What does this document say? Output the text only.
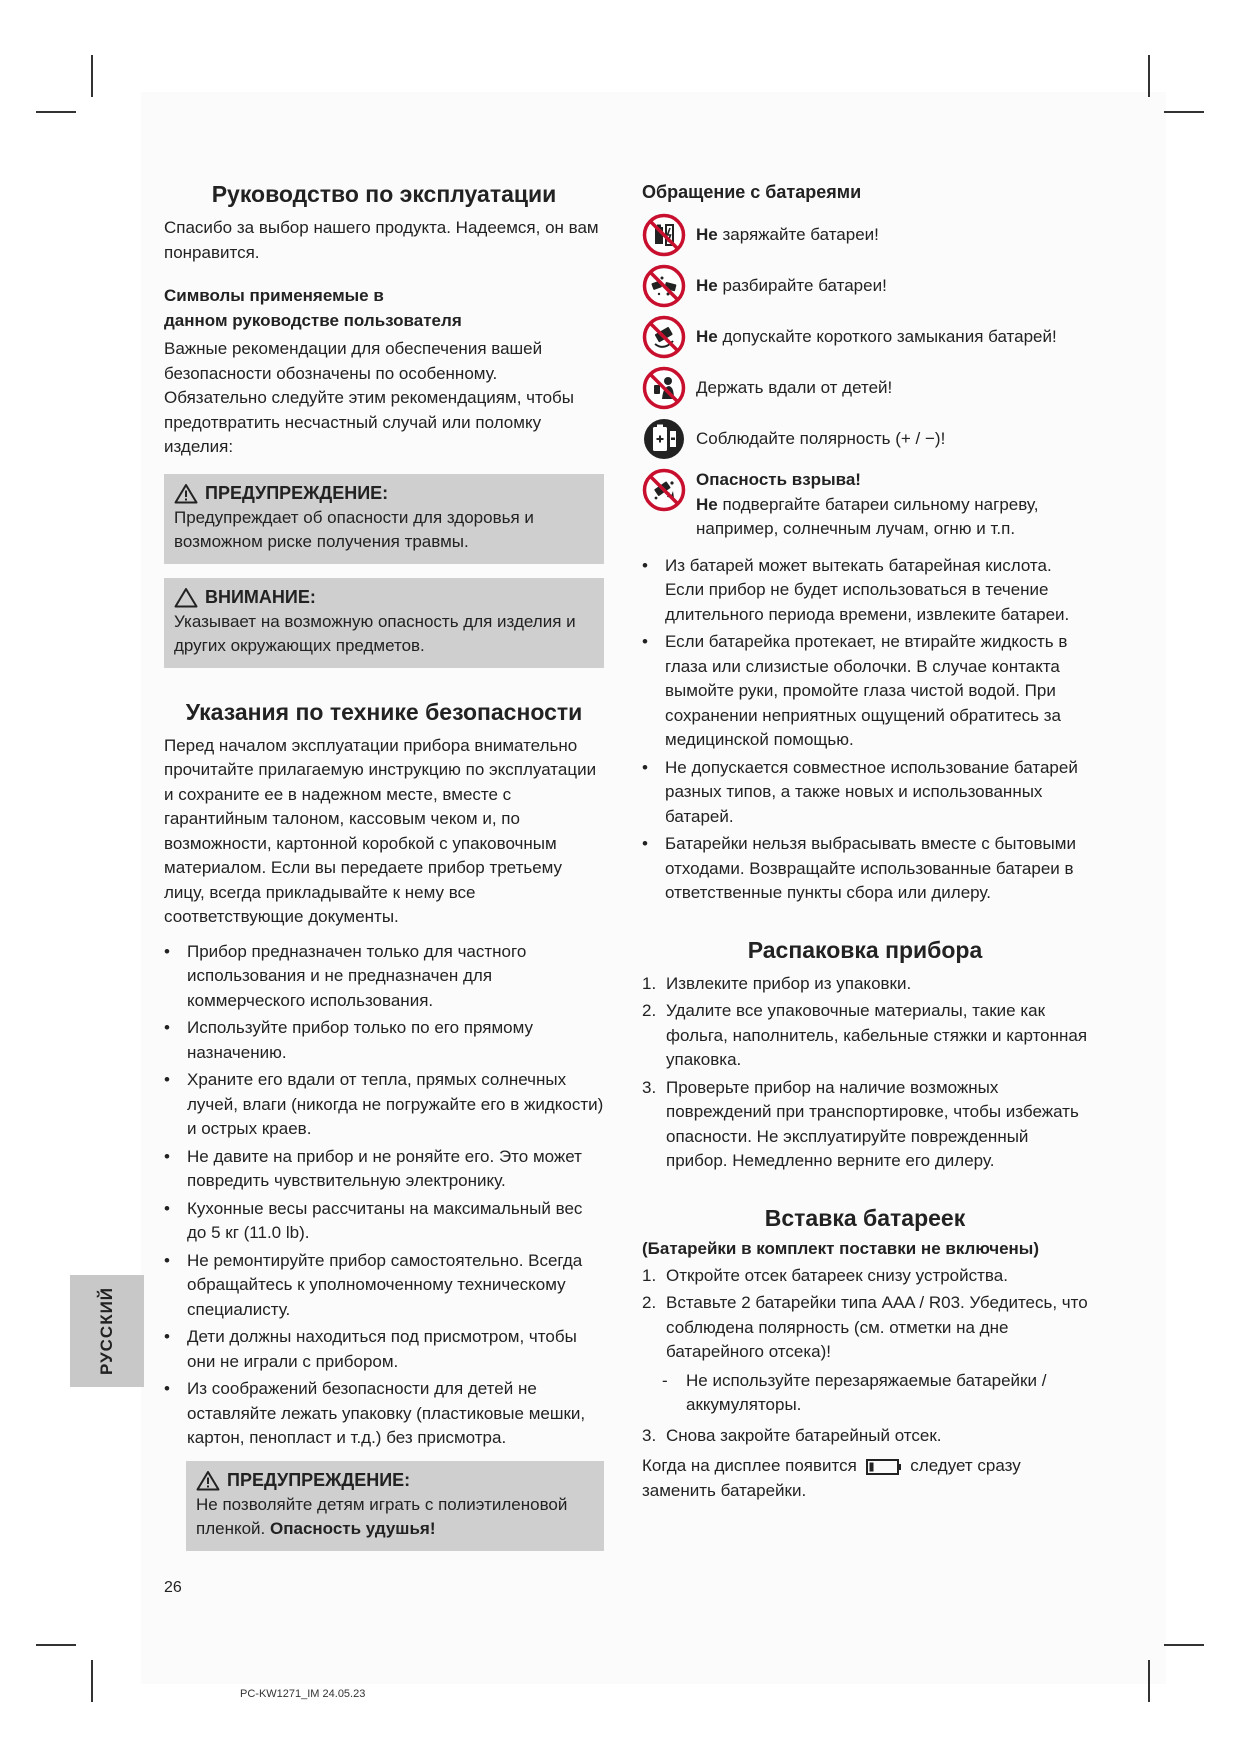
Руководство по эксплуатации

Спасибо за выбор нашего продукта. Надеемся, он вам понравится.

Символы применяемые в
данном руководстве пользователя

Важные рекомендации для обеспечения вашей безопасности обозначены по особенному. Обязательно следуйте этим рекомендациям, чтобы предотвратить несчастный случай или поломку изделия:

ПРЕДУПРЕЖДЕНИЕ:

Предупреждает об опасности для здоровья и возможном риске получения травмы.

ВНИМАНИЕ:

Указывает на возможную опасность для изделия и других окружающих предметов.

Указания по технике безопасности

Перед началом эксплуатации прибора внимательно прочитайте прилагаемую инструкцию по эксплуатации и сохраните ее в надежном месте, вместе с гарантийным талоном, кассовым чеком и, по возможности, картонной коробкой с упаковочным материалом. Если вы передаете прибор третьему лицу, всегда прикладывайте к нему все соответствующие документы.

• Прибор предназначен только для частного использования и не предназначен для коммерческого использования.
• Используйте прибор только по его прямому назначению.
• Храните его вдали от тепла, прямых солнечных лучей, влаги (никогда не погружайте его в жидкости) и острых краев.
• Не давите на прибор и не роняйте его. Это может повредить чувствительную электронику.
• Кухонные весы рассчитаны на максимальный вес до 5 кг (11.0 lb).
• Не ремонтируйте прибор самостоятельно. Всегда обращайтесь к уполномоченному техническому специалисту.
• Дети должны находиться под присмотром, чтобы они не играли с прибором.
• Из соображений безопасности для детей не оставляйте лежать упаковку (пластиковые мешки, картон, пенопласт и т.д.) без присмотра.
ПРЕДУПРЕЖДЕНИЕ:

Не позволяйте детям играть с полиэтиленовой пленкой. Опасность удушья!

Обращение с батареями
Не заряжайте батареи!
Не разбирайте батареи!
Не допускайте короткого замыкания батарей!
Держать вдали от детей!
Соблюдайте полярность (+ / −)!
Опасность взрыва!
Не подвергайте батареи сильному нагреву, например, солнечным лучам, огню и т.п.
• Из батарей может вытекать батарейная кислота. Если прибор не будет использоваться в течение длительного периода времени, извлеките батареи.
• Если батарейка протекает, не втирайте жидкость в глаза или слизистые оболочки. В случае контакта вымойте руки, промойте глаза чистой водой. При сохранении неприятных ощущений обратитесь за медицинской помощью.
• Не допускается совместное использование батарей разных типов, а также новых и использованных батарей.
• Батарейки нельзя выбрасывать вместе с бытовыми отходами. Возвращайте использованные батареи в ответственные пункты сбора или дилеру.
Распаковка прибора
1. Извлеките прибор из упаковки.
2. Удалите все упаковочные материалы, такие как фольга, наполнитель, кабельные стяжки и картонная упаковка.
3. Проверьте прибор на наличие возможных повреждений при транспортировке, чтобы избежать опасности. Не эксплуатируйте поврежденный прибор. Немедленно верните его дилеру.
Вставка батареек
(Батарейки в комплект поставки не включены)
1. Откройте отсек батареек снизу устройства.
2. Вставьте 2 батарейки типа AAA / R03. Убедитесь, что соблюдена полярность (см. отметки на дне батарейного отсека)!
- Не используйте перезаряжаемые батарейки / аккумуляторы.
3. Снова закройте батарейный отсек.

Когда на дисплее появится	следует сразу заменить батарейки.

РУССКИЙ
26
PC-KW1271_IM 24.05.23
